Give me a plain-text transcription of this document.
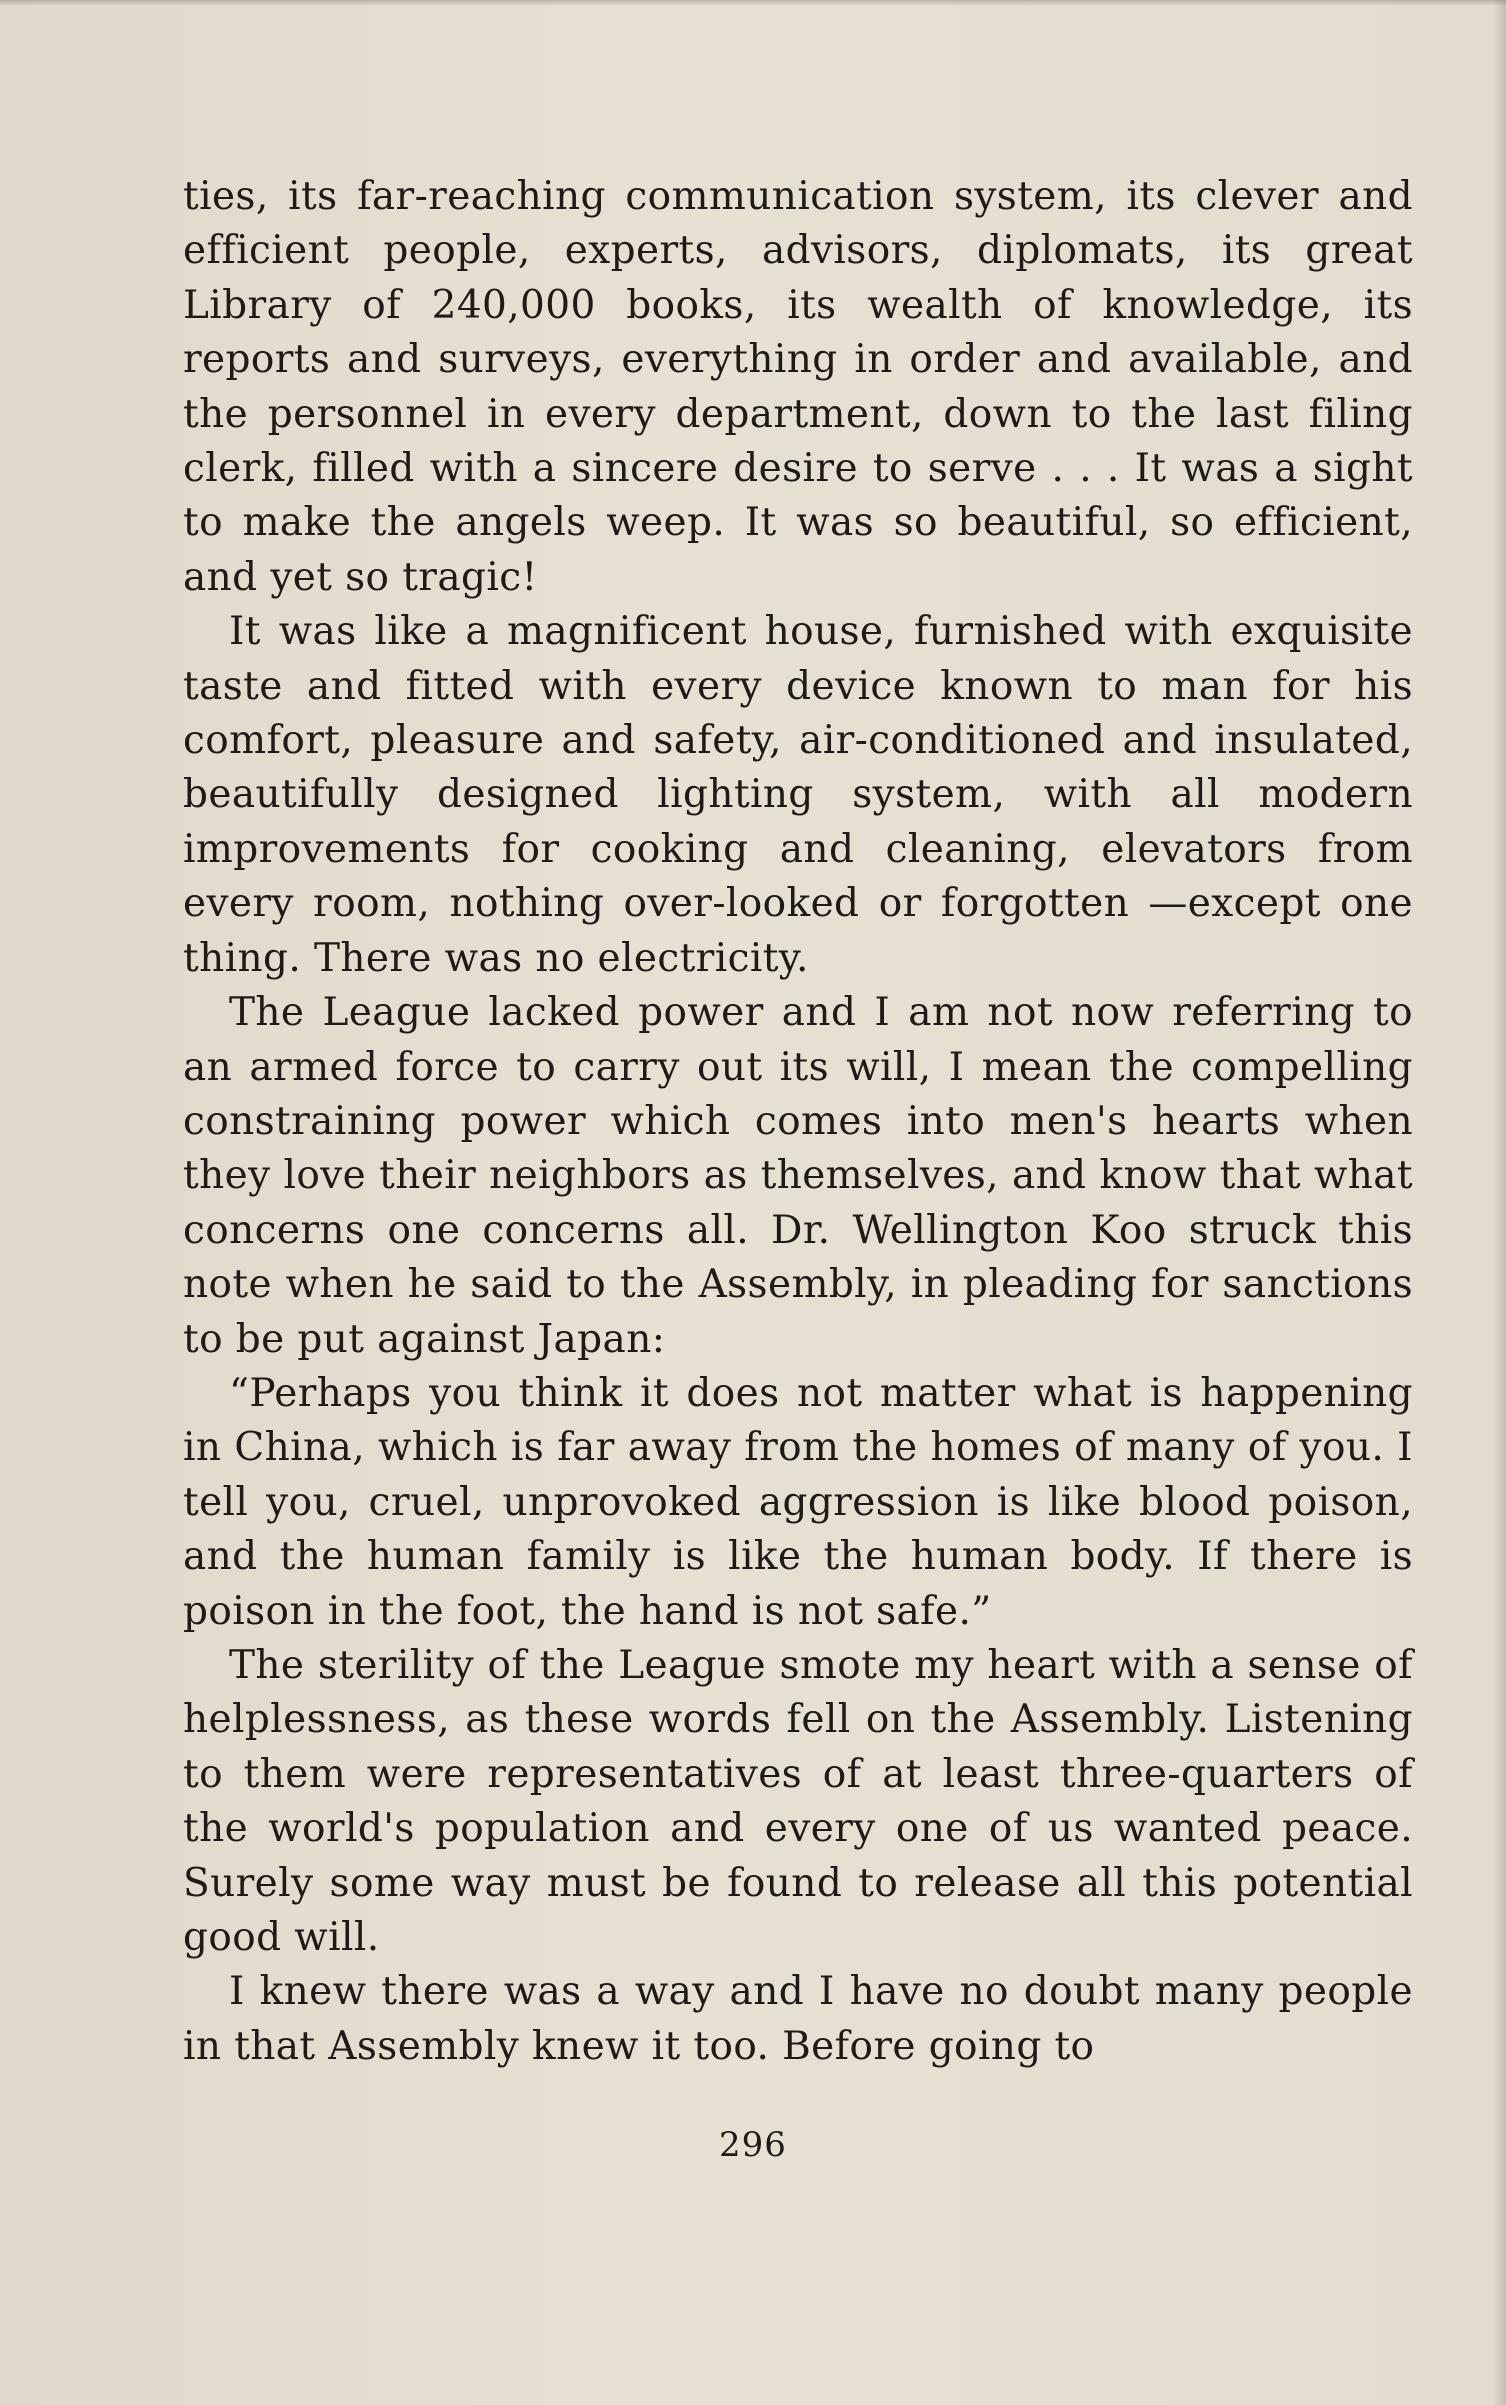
ties, its far-reaching communication system, its clever and efficient people, experts, advisors, diplomats, its great Library of 240,000 books, its wealth of knowledge, its reports and surveys, everything in order and available, and the personnel in every department, down to the last filing clerk, filled with a sincere desire to serve . . . It was a sight to make the angels weep. It was so beautiful, so efficient, and yet so tragic!

It was like a magnificent house, furnished with exquisite taste and fitted with every device known to man for his comfort, pleasure and safety, air-conditioned and insulated, beautifully designed lighting system, with all modern improvements for cooking and cleaning, elevators from every room, nothing over-looked or forgotten —except one thing. There was no electricity.

The League lacked power and I am not now referring to an armed force to carry out its will, I mean the compelling constraining power which comes into men's hearts when they love their neighbors as themselves, and know that what concerns one concerns all. Dr. Wellington Koo struck this note when he said to the Assembly, in pleading for sanctions to be put against Japan:

“Perhaps you think it does not matter what is happening in China, which is far away from the homes of many of you. I tell you, cruel, unprovoked aggression is like blood poison, and the human family is like the human body. If there is poison in the foot, the hand is not safe.”

The sterility of the League smote my heart with a sense of helplessness, as these words fell on the Assembly. Listening to them were representatives of at least three-quarters of the world's population and every one of us wanted peace. Surely some way must be found to release all this potential good will.

I knew there was a way and I have no doubt many people in that Assembly knew it too. Before going to

296
